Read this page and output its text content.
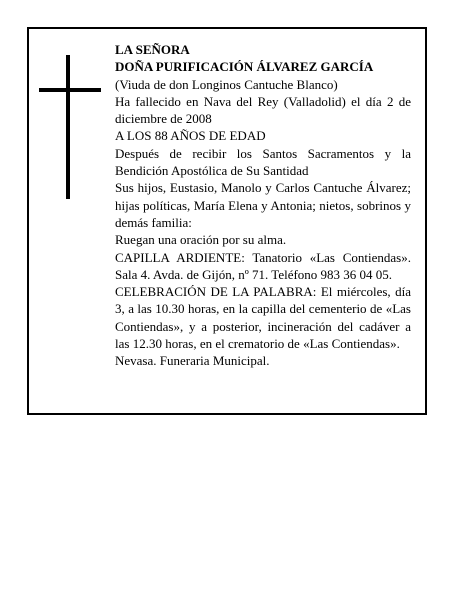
LA SEÑORA

DOÑA PURIFICACIÓN ÁLVAREZ GARCÍA

(Viuda de don Longinos Cantuche Blanco)

Ha fallecido en Nava del Rey (Valladolid) el día 2 de diciembre de 2008

A LOS 88 AÑOS DE EDAD

Después de recibir los Santos Sacramentos y la Bendición Apostólica de Su Santidad

Sus hijos, Eustasio, Manolo y Carlos Cantuche Álvarez; hijas políticas, María Elena y Antonia; nietos, sobrinos y demás familia:

Ruegan una oración por su alma.

CAPILLA ARDIENTE: Tanatorio «Las Contiendas». Sala 4. Avda. de Gijón, nº 71. Teléfono 983 36 04 05.

CELEBRACIÓN DE LA PALABRA: El miércoles, día 3, a las 10.30 horas, en la capilla del cementerio de «Las Contiendas», y a posterior, incineración del cadáver a las 12.30 horas, en el crematorio de «Las Contiendas».

Nevasa. Funeraria Municipal.
